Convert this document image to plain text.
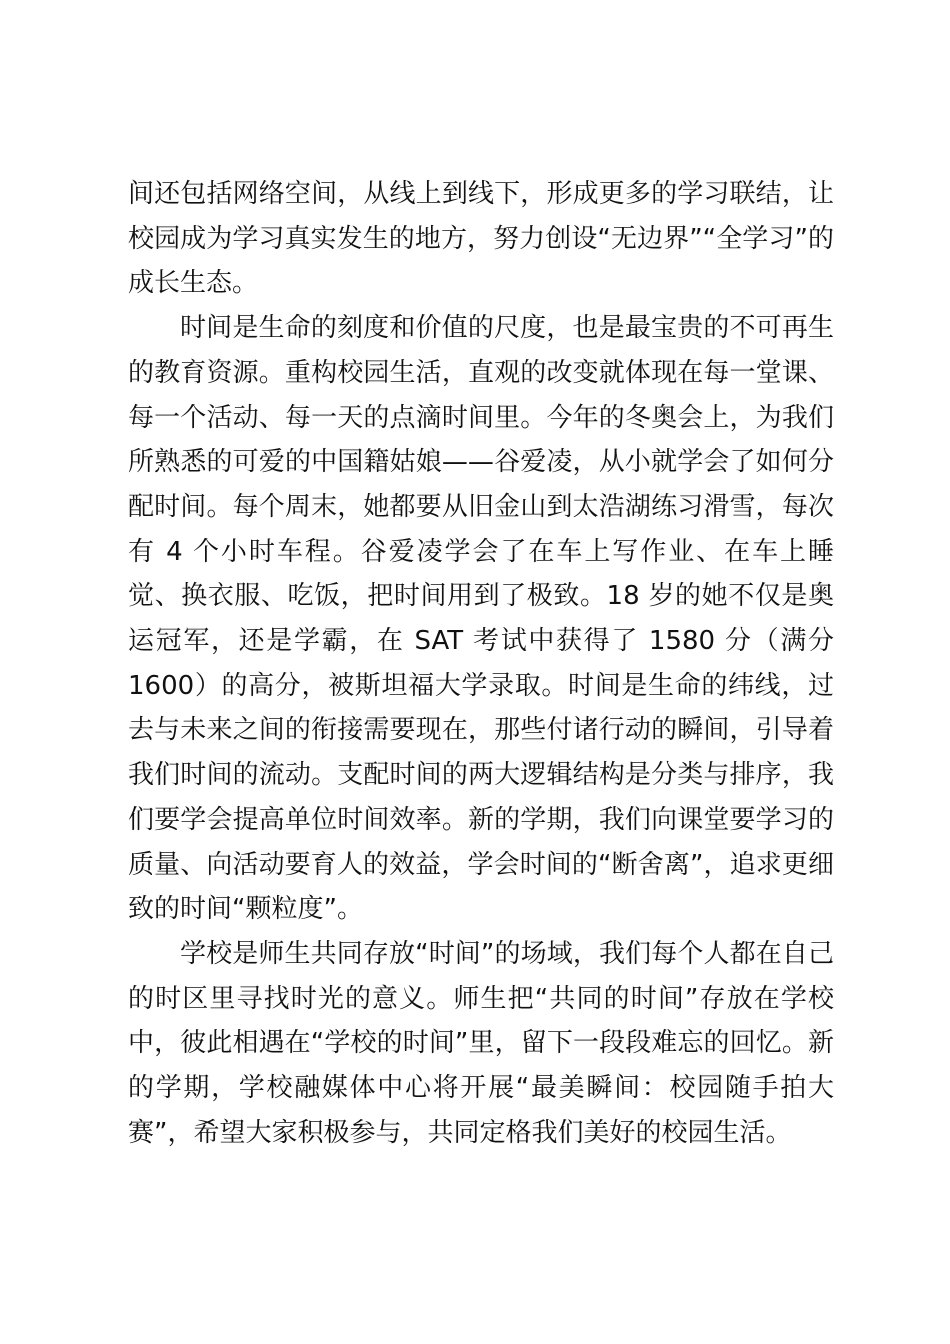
间还包括网络空间，从线上到线下，形成更多的学习联结，让校园成为学习真实发生的地方，努力创设“无边界”“全学习”的成长生态。

时间是生命的刻度和价值的尺度，也是最宝贵的不可再生的教育资源。重构校园生活，直观的改变就体现在每一堂课、每一个活动、每一天的点滴时间里。今年的冬奥会上，为我们所熟悉的可爱的中国籍姑娘——谷爱凌，从小就学会了如何分配时间。每个周末，她都要从旧金山到太浩湖练习滑雪，每次有 4 个小时车程。谷爱凌学会了在车上写作业、在车上睡觉、换衣服、吃饭，把时间用到了极致。18 岁的她不仅是奥运冠军，还是学霸，在 SAT 考试中获得了 1580 分（满分 1600）的高分，被斯坦福大学录取。时间是生命的纬线，过去与未来之间的衔接需要现在，那些付诸行动的瞬间，引导着我们时间的流动。支配时间的两大逻辑结构是分类与排序，我们要学会提高单位时间效率。新的学期，我们向课堂要学习的质量、向活动要育人的效益，学会时间的“断舍离”，追求更细致的时间“颗粒度”。

学校是师生共同存放“时间”的场域，我们每个人都在自己的时区里寻找时光的意义。师生把“共同的时间”存放在学校中，彼此相遇在“学校的时间”里，留下一段段难忘的回忆。新的学期，学校融媒体中心将开展“最美瞬间：校园随手拍大赛”，希望大家积极参与，共同定格我们美好的校园生活。
